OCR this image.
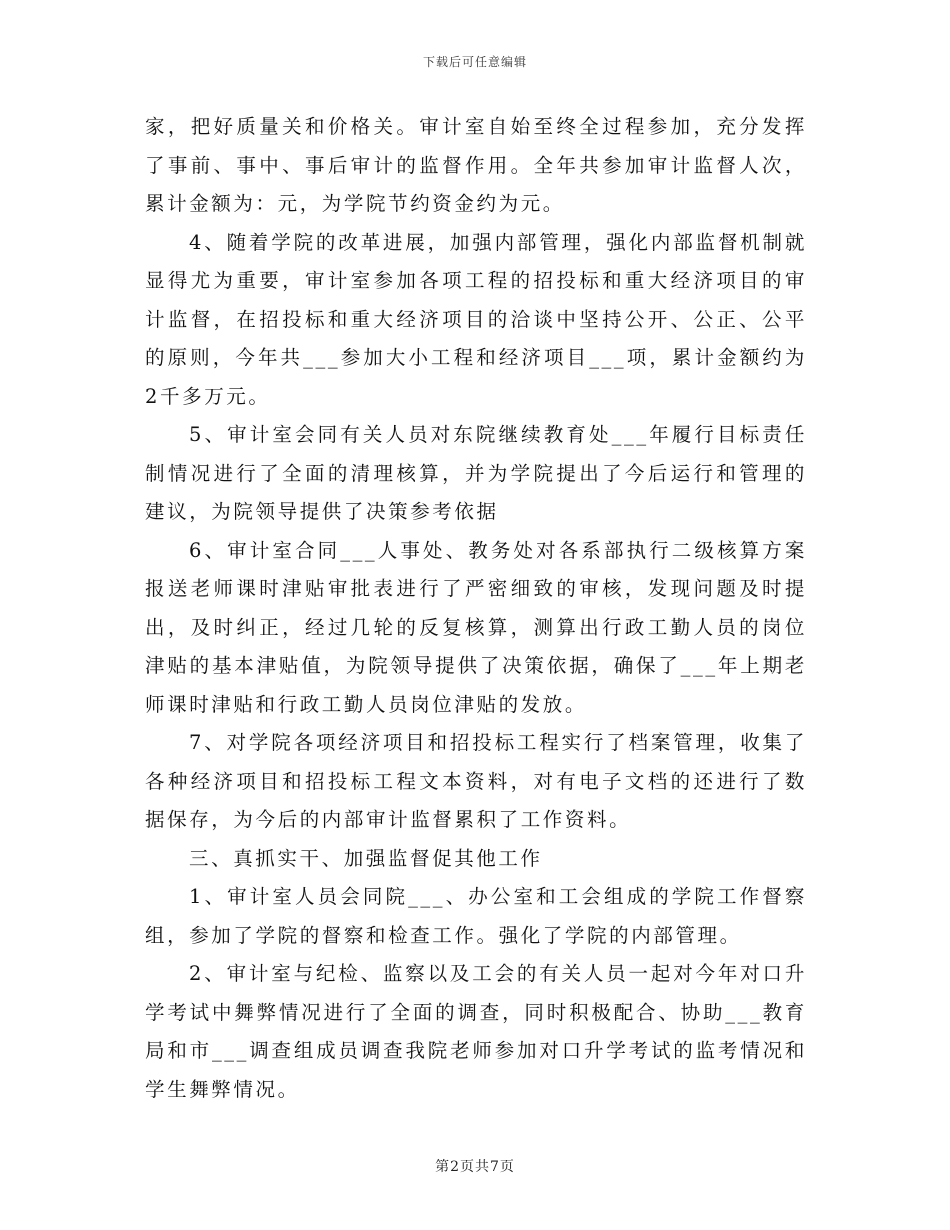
下载后可任意编辑

家，把好质量关和价格关。审计室自始至终全过程参加，充分发挥了事前、事中、事后审计的监督作用。全年共参加审计监督人次，累计金额为：元，为学院节约资金约为元。

4、随着学院的改革进展，加强内部管理，强化内部监督机制就显得尤为重要，审计室参加各项工程的招投标和重大经济项目的审计监督，在招投标和重大经济项目的洽谈中坚持公开、公正、公平的原则，今年共___参加大小工程和经济项目___项，累计金额约为2千多万元。

5、审计室会同有关人员对东院继续教育处___年履行目标责任制情况进行了全面的清理核算，并为学院提出了今后运行和管理的建议，为院领导提供了决策参考依据

6、审计室合同___人事处、教务处对各系部执行二级核算方案报送老师课时津贴审批表进行了严密细致的审核，发现问题及时提出，及时纠正，经过几轮的反复核算，测算出行政工勤人员的岗位津贴的基本津贴值，为院领导提供了决策依据，确保了___年上期老师课时津贴和行政工勤人员岗位津贴的发放。

7、对学院各项经济项目和招投标工程实行了档案管理，收集了各种经济项目和招投标工程文本资料，对有电子文档的还进行了数据保存，为今后的内部审计监督累积了工作资料。

三、真抓实干、加强监督促其他工作

1、审计室人员会同院___、办公室和工会组成的学院工作督察组，参加了学院的督察和检查工作。强化了学院的内部管理。

2、审计室与纪检、监察以及工会的有关人员一起对今年对口升学考试中舞弊情况进行了全面的调查，同时积极配合、协助___教育局和市___调查组成员调查我院老师参加对口升学考试的监考情况和学生舞弊情况。

第2页共7页
